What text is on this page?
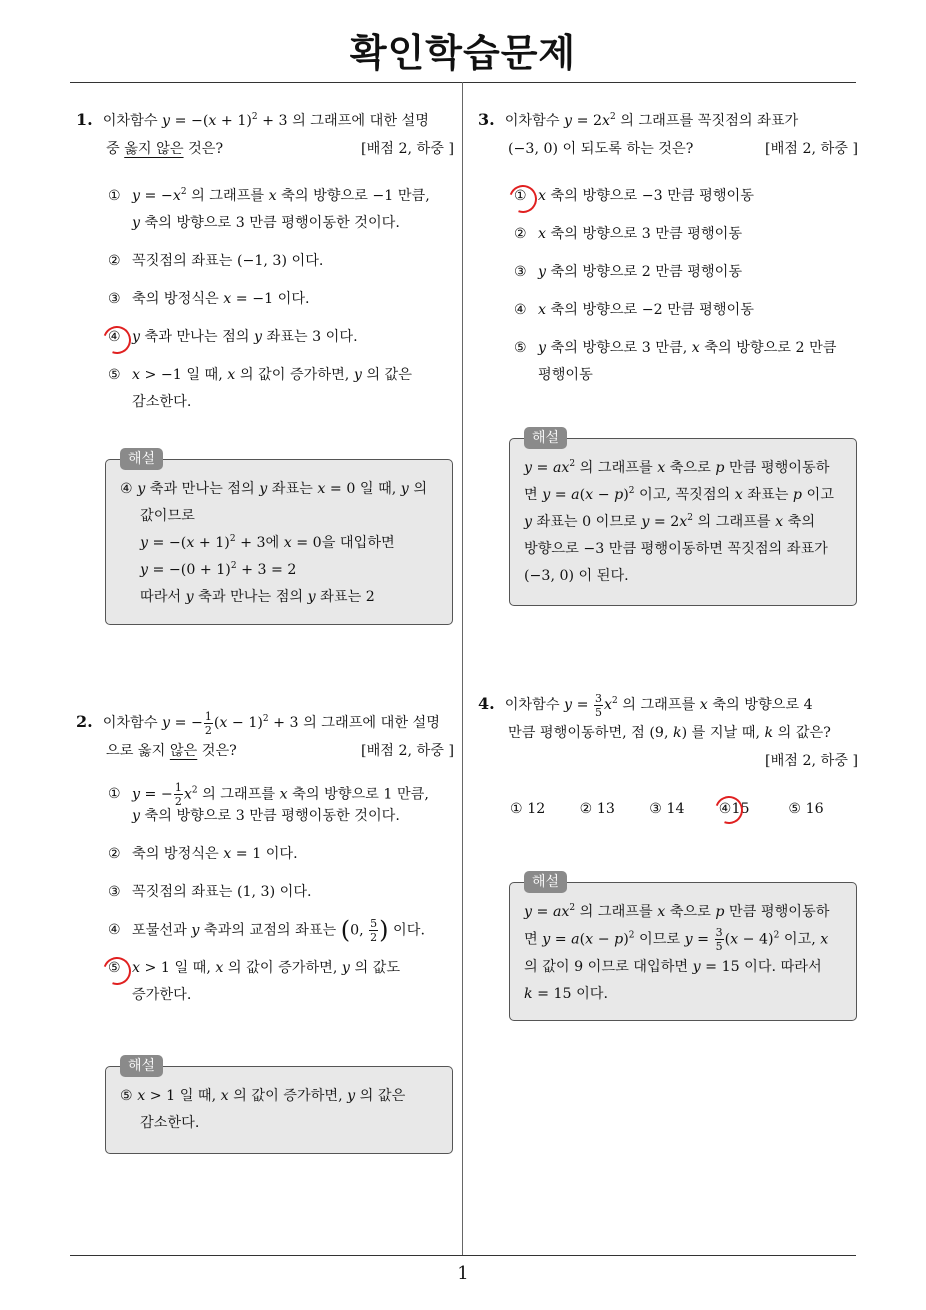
확인학습문제
1. 이차함수 $y = -(x + 1)^2 + 3$ 의 그래프에 대한 설명
중 옳지 않은 것은?	[배점 2, 하중 ]
① $y = -x^2$ 의 그래프를 x 축의 방향으로 −1 만큼,
y 축의 방향으로 3 만큼 평행이동한 것이다.
② 꼭짓점의 좌표는 (−1, 3) 이다.
③ 축의 방정식은 x = −1 이다.
④ y 축과 만나는 점의 y 좌표는 3 이다.
⑤ x > −1 일 때, x 의 값이 증가하면, y 의 값은
감소한다.
해설
④ y 축과 만나는 점의 y 좌표는 x = 0 일 때, y 의
값이므로
$y = -(x + 1)^2 + 3$에 x = 0을 대입하면
$y = -(0 + 1)^2 + 3 = 2$
따라서 y 축과 만나는 점의 y 좌표는 2
2. 이차함수 y = − $\frac{1}{2} (x - 1)^2 + 3$ 의 그래프에 대한 설명
으로 옳지 않은 것은?	[배점 2, 하중 ]
① y = − $\frac{1}{2} x^2$ 의 그래프를 x 축의 방향으로 1 만큼,
y 축의 방향으로 3 만큼 평행이동한 것이다.
② 축의 방정식은 x = 1 이다.
③ 꼭짓점의 좌표는 (1, 3) 이다.
④ 포물선과 y 축과의 교점의 좌표는 (0, $\frac{5}{2}$ ) 이다.
⑤ x > 1 일 때, x 의 값이 증가하면, y 의 값도
증가한다.
해설
⑤ x > 1 일 때, x 의 값이 증가하면, y 의 값은
감소한다.
3. 이차함수 $y = 2x^2$ 의 그래프를 꼭짓점의 좌표가
(−3, 0) 이 되도록 하는 것은?	[배점 2, 하중 ]
① x 축의 방향으로 −3 만큼 평행이동
② x 축의 방향으로 3 만큼 평행이동
③ y 축의 방향으로 2 만큼 평행이동
④ x 축의 방향으로 −2 만큼 평행이동
⑤ y 축의 방향으로 3 만큼, x 축의 방향으로 2 만큼
평행이동
해설
$y = ax^2$ 의 그래프를 x 축으로 p 만큼 평행이동하
면 $y = a(x - p)^2$ 이고, 꼭짓점의 x 좌표는 p 이고
y 좌표는 0 이므로 $y = 2x^2$ 의 그래프를 x 축의
방향으로 −3 만큼 평행이동하면 꼭짓점의 좌표가
(−3, 0) 이 된다.
4. 이차함수 $y = \frac{3}{5} x^2$ 의 그래프를 x 축의 방향으로 4
만큼 평행이동하면, 점 (9, k) 를 지날 때, k 의 값은?
[배점 2, 하중 ]
① 12	② 13	③ 14	④15	⑤ 16
해설
$y = ax^2$ 의 그래프를 x 축으로 p 만큼 평행이동하
면 $y = a(x - p)^2$ 이므로 $y = \frac{3}{5} (x - 4)^2$ 이고, x
의 값이 9 이므로 대입하면 y = 15 이다. 따라서
k = 15 이다.
1
